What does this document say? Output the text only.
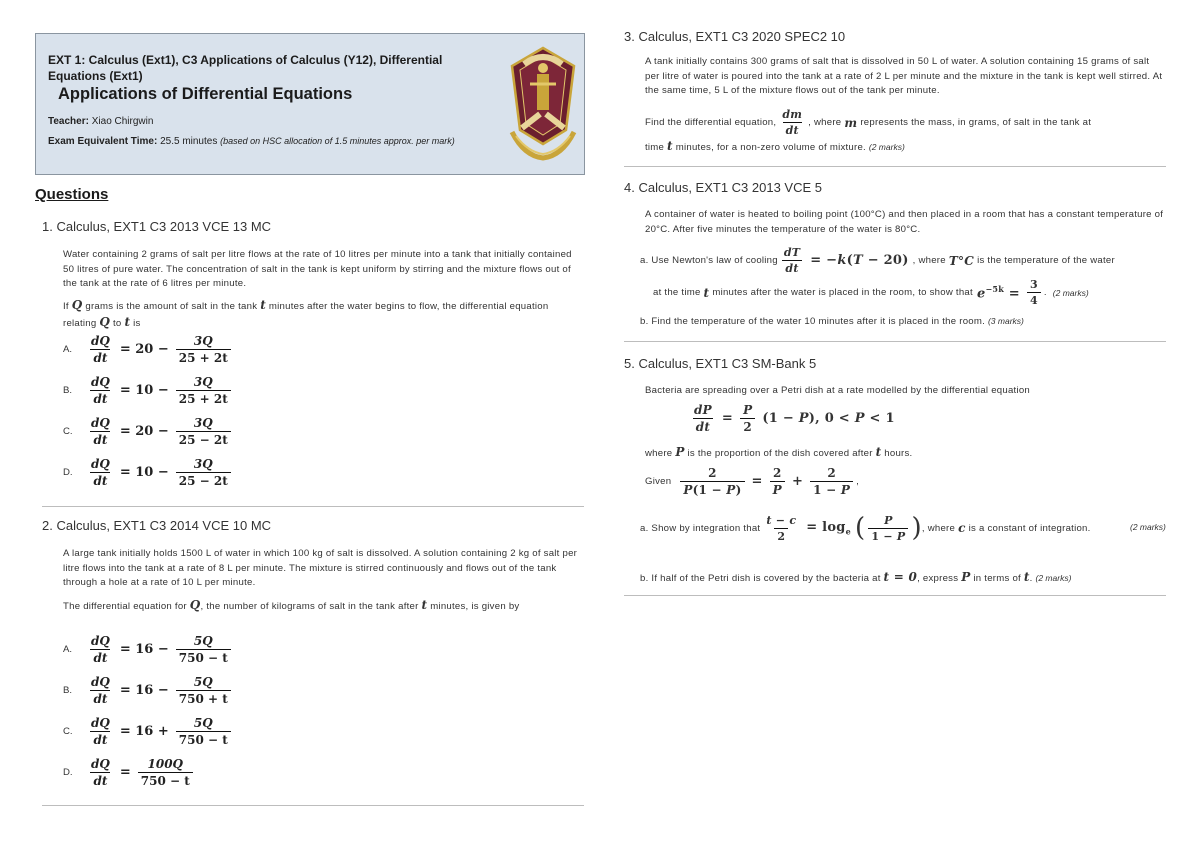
EXT 1: Calculus (Ext1), C3 Applications of Calculus (Y12), Differential Equations (Ext1)
Applications of Differential Equations
Teacher: Xiao Chirgwin
Exam Equivalent Time: 25.5 minutes (based on HSC allocation of 1.5 minutes approx. per mark)
Questions
1. Calculus, EXT1 C3 2013 VCE 13 MC
Water containing 2 grams of salt per litre flows at the rate of 10 litres per minute into a tank that initially contained 50 litres of pure water. The concentration of salt in the tank is kept uniform by stirring and the mixture flows out of the tank at the rate of 6 litres per minute.
If Q grams is the amount of salt in the tank t minutes after the water begins to flow, the differential equation relating Q to t is
A.	$\frac{dQ}{dt} = 20 - \frac{3Q}{25 + 2t}$
B.	$\frac{dQ}{dt} = 10 - \frac{3Q}{25 + 2t}$
C.	$\frac{dQ}{dt} = 20 - \frac{3Q}{25 - 2t}$
D.	$\frac{dQ}{dt} = 10 - \frac{3Q}{25 - 2t}$
2. Calculus, EXT1 C3 2014 VCE 10 MC
A large tank initially holds 1500 L of water in which 100 kg of salt is dissolved. A solution containing 2 kg of salt per litre flows into the tank at a rate of 8 L per minute. The mixture is stirred continuously and flows out of the tank through a hole at a rate of 10 L per minute.
The differential equation for Q, the number of kilograms of salt in the tank after t minutes, is given by
A.	$\frac{dQ}{dt} = 16 - \frac{5Q}{750 - t}$
B.	$\frac{dQ}{dt} = 16 - \frac{5Q}{750 + t}$
C.	$\frac{dQ}{dt} = 16 + \frac{5Q}{750 - t}$
D.	$\frac{dQ}{dt} = \frac{100Q}{750 - t}$
3. Calculus, EXT1 C3 2020 SPEC2 10
A tank initially contains 300 grams of salt that is dissolved in 50 L of water. A solution containing 15 grams of salt per litre of water is poured into the tank at a rate of 2 L per minute and the mixture in the tank is kept well stirred. At the same time, 5 L of the mixture flows out of the tank per minute.
Find the differential equation, $\frac{dm}{dt}$ , where m represents the mass, in grams, of salt in the tank at
time t minutes, for a non-zero volume of mixture. (2 marks)
4. Calculus, EXT1 C3 2013 VCE 5
A container of water is heated to boiling point (100°C) and then placed in a room that has a constant temperature of 20°C. After five minutes the temperature of the water is 80°C.
a. Use Newton's law of cooling $\frac{dT}{dt} = -k(T - 20)$ , where T°C is the temperature of the water
at the time t minutes after the water is placed in the room, to show that $e^{-5k} = \frac{3}{4}$ . (2 marks)
b. Find the temperature of the water 10 minutes after it is placed in the room. (3 marks)
5. Calculus, EXT1 C3 SM-Bank 5
Bacteria are spreading over a Petri dish at a rate modelled by the differential equation
$\frac{dP}{dt} = \frac{P}{2} (1 - P)$, 0 < P < 1
where P is the proportion of the dish covered after t hours.
Given $\frac{2}{P(1 - P)} = \frac{2}{P} + \frac{2}{1 - P}$ ,
a. Show by integration that $\frac{t - c}{2} = \log_e$ ( $\frac{P}{1 - P}$ ) , where c is a constant of integration.	(2 marks)
b. If half of the Petri dish is covered by the bacteria at t = 0, express P in terms of t. (2 marks)
